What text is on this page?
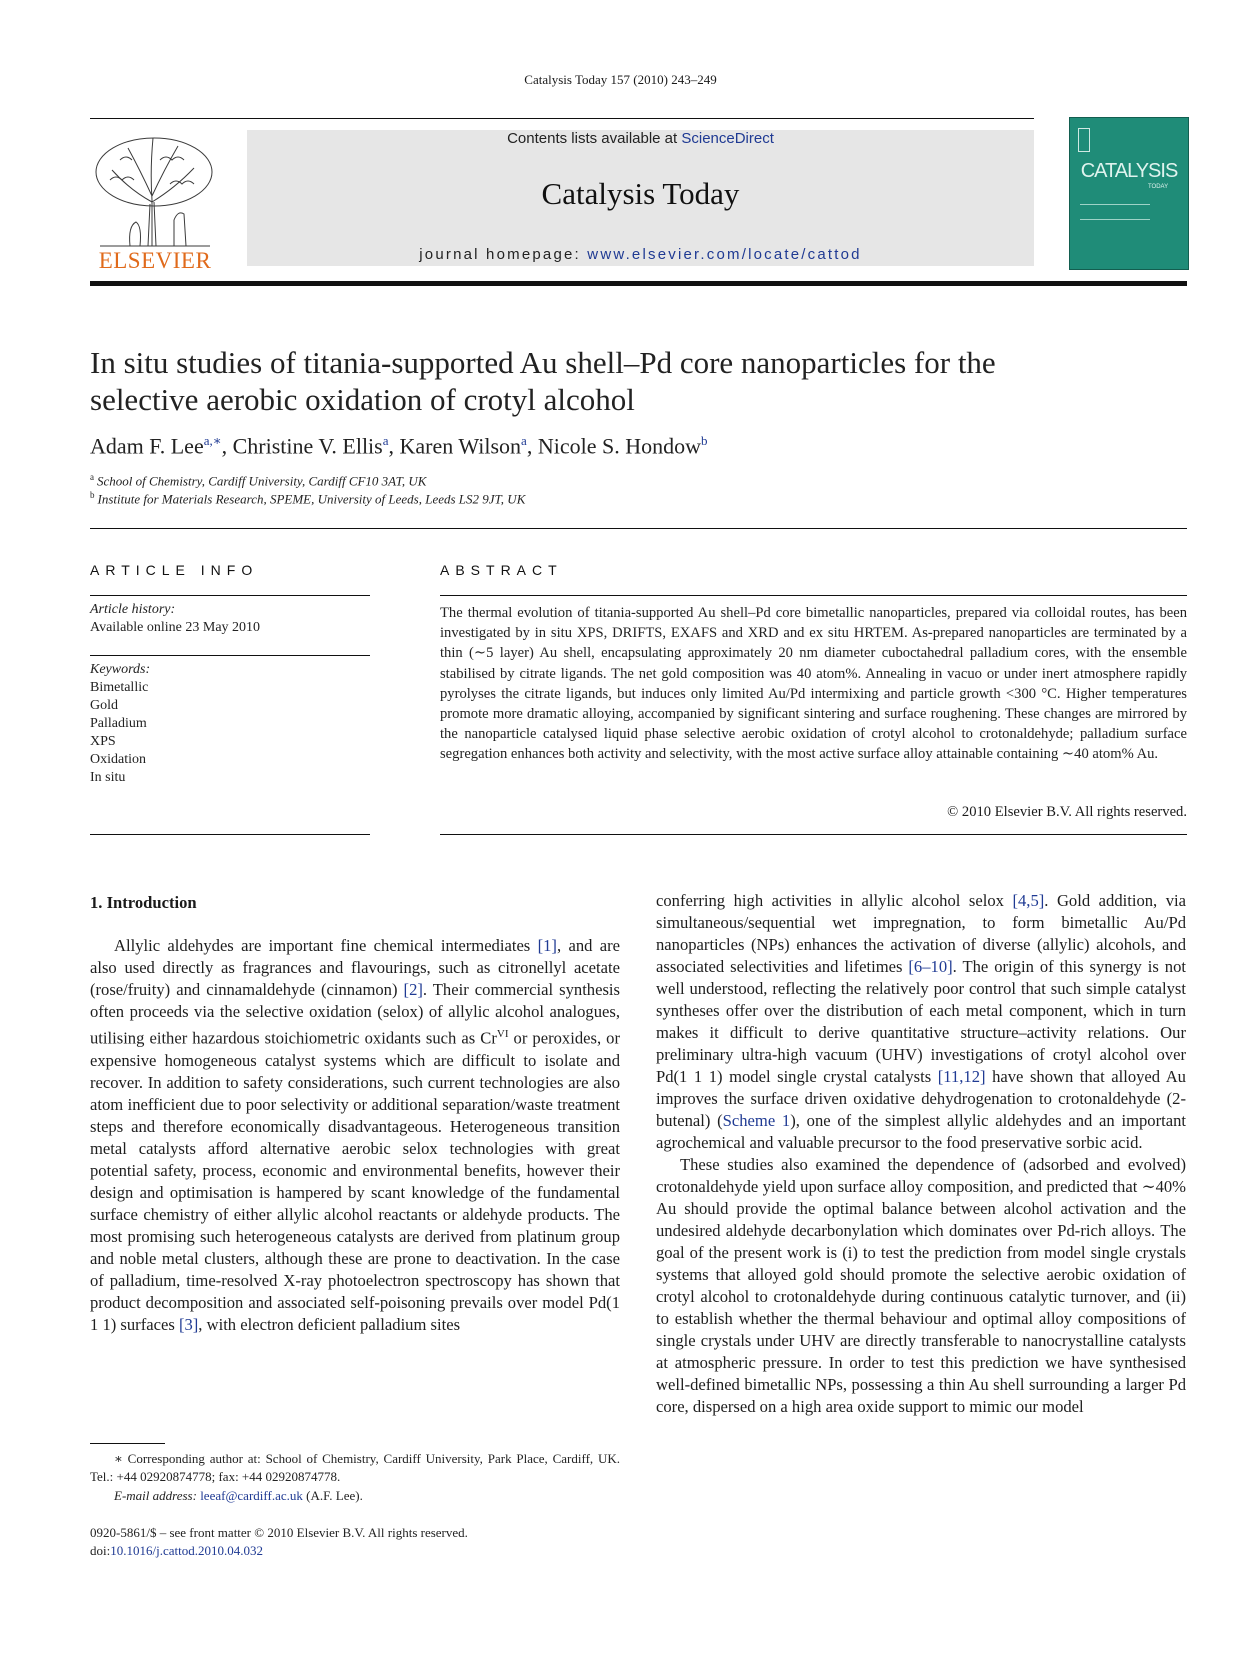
Catalysis Today 157 (2010) 243–249
ELSEVIER
Contents lists available at ScienceDirect
Catalysis Today
journal homepage: www.elsevier.com/locate/cattod
CATALYSIS
TODAY
In situ studies of titania-supported Au shell–Pd core nanoparticles for the
selective aerobic oxidation of crotyl alcohol
Adam F. Lee$^{a,∗}$, Christine V. Ellis$^a$, Karen Wilson$^a$, Nicole S. Hondow$^b$
$^a$ School of Chemistry, Cardiff University, Cardiff CF10 3AT, UK
$^b$ Institute for Materials Research, SPEME, University of Leeds, Leeds LS2 9JT, UK
ARTICLE INFO
Article history:
Available online 23 May 2010
Keywords:
Bimetallic
Gold
Palladium
XPS
Oxidation
In situ
ABSTRACT
The thermal evolution of titania-supported Au shell–Pd core bimetallic nanoparticles, prepared via colloidal routes, has been investigated by in situ XPS, DRIFTS, EXAFS and XRD and ex situ HRTEM. As-prepared nanoparticles are terminated by a thin (∼5 layer) Au shell, encapsulating approximately 20 nm diameter cuboctahedral palladium cores, with the ensemble stabilised by citrate ligands. The net gold composition was 40 atom%. Annealing in vacuo or under inert atmosphere rapidly pyrolyses the citrate ligands, but induces only limited Au/Pd intermixing and particle growth <300 °C. Higher temperatures promote more dramatic alloying, accompanied by significant sintering and surface roughening. These changes are mirrored by the nanoparticle catalysed liquid phase selective aerobic oxidation of crotyl alcohol to crotonaldehyde; palladium surface segregation enhances both activity and selectivity, with the most active surface alloy attainable containing ∼40 atom% Au.
© 2010 Elsevier B.V. All rights reserved.
1. Introduction

Allylic aldehydes are important fine chemical intermediates [1], and are also used directly as fragrances and flavourings, such as citronellyl acetate (rose/fruity) and cinnamaldehyde (cinnamon) [2]. Their commercial synthesis often proceeds via the selective oxidation (selox) of allylic alcohol analogues, utilising either hazardous stoichiometric oxidants such as $Cr^{VI}$ or peroxides, or expensive homogeneous catalyst systems which are difficult to isolate and recover. In addition to safety considerations, such current technologies are also atom inefficient due to poor selectivity or additional separation/waste treatment steps and therefore economically disadvantageous. Heterogeneous transition metal catalysts afford alternative aerobic selox technologies with great potential safety, process, economic and environmental benefits, however their design and optimisation is hampered by scant knowledge of the fundamental surface chemistry of either allylic alcohol reactants or aldehyde products. The most promising such heterogeneous catalysts are derived from platinum group and noble metal clusters, although these are prone to deactivation. In the case of palladium, time-resolved X-ray photoelectron spectroscopy has shown that product decomposition and associated self-poisoning prevails over model Pd(1 1 1) surfaces [3], with electron deficient palladium sites

conferring high activities in allylic alcohol selox [4,5]. Gold addition, via simultaneous/sequential wet impregnation, to form bimetallic Au/Pd nanoparticles (NPs) enhances the activation of diverse (allylic) alcohols, and associated selectivities and lifetimes [6–10]. The origin of this synergy is not well understood, reflecting the relatively poor control that such simple catalyst syntheses offer over the distribution of each metal component, which in turn makes it difficult to derive quantitative structure–activity relations. Our preliminary ultra-high vacuum (UHV) investigations of crotyl alcohol over Pd(1 1 1) model single crystal catalysts [11,12] have shown that alloyed Au improves the surface driven oxidative dehydrogenation to crotonaldehyde (2-butenal) (Scheme 1), one of the simplest allylic aldehydes and an important agrochemical and valuable precursor to the food preservative sorbic acid.

These studies also examined the dependence of (adsorbed and evolved) crotonaldehyde yield upon surface alloy composition, and predicted that ∼40% Au should provide the optimal balance between alcohol activation and the undesired aldehyde decarbonylation which dominates over Pd-rich alloys. The goal of the present work is (i) to test the prediction from model single crystals systems that alloyed gold should promote the selective aerobic oxidation of crotyl alcohol to crotonaldehyde during continuous catalytic turnover, and (ii) to establish whether the thermal behaviour and optimal alloy compositions of single crystals under UHV are directly transferable to nanocrystalline catalysts at atmospheric pressure. In order to test this prediction we have synthesised well-defined bimetallic NPs, possessing a thin Au shell surrounding a larger Pd core, dispersed on a high area oxide support to mimic our model

∗ Corresponding author at: School of Chemistry, Cardiff University, Park Place, Cardiff, UK. Tel.: +44 02920874778; fax: +44 02920874778.
E-mail address: leeaf@cardiff.ac.uk (A.F. Lee).
0920-5861/$ – see front matter © 2010 Elsevier B.V. All rights reserved.
doi:10.1016/j.cattod.2010.04.032
